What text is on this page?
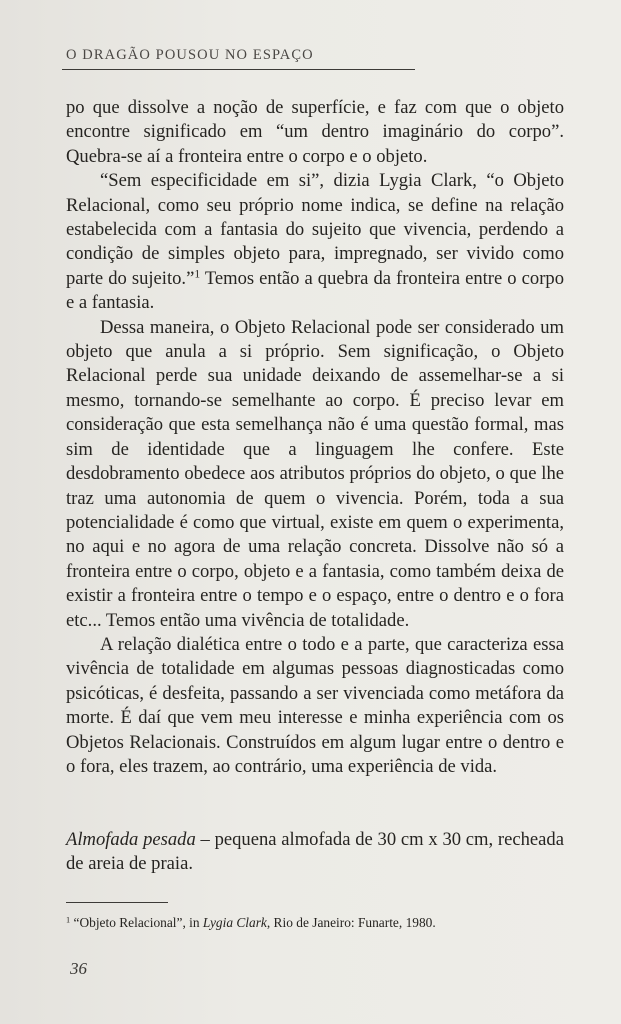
O DRAGÃO POUSOU NO ESPAÇO

po que dissolve a noção de superfície, e faz com que o objeto encontre significado em “um dentro imaginário do corpo”. Quebra-se aí a fronteira entre o corpo e o objeto.

“Sem especificidade em si”, dizia Lygia Clark, “o Objeto Relacional, como seu próprio nome indica, se define na relação estabelecida com a fantasia do sujeito que vivencia, perdendo a condição de simples objeto para, impregnado, ser vivido como parte do sujeito.”$^1$ Temos então a quebra da fronteira entre o corpo e a fantasia.

Dessa maneira, o Objeto Relacional pode ser considerado um objeto que anula a si próprio. Sem significação, o Objeto Relacional perde sua unidade deixando de assemelhar-se a si mesmo, tornando-se semelhante ao corpo. É preciso levar em consideração que esta semelhança não é uma questão formal, mas sim de identidade que a linguagem lhe confere. Este desdobramento obedece aos atributos próprios do objeto, o que lhe traz uma autonomia de quem o vivencia. Porém, toda a sua potencialidade é como que virtual, existe em quem o experimenta, no aqui e no agora de uma relação concreta. Dissolve não só a fronteira entre o corpo, objeto e a fantasia, como também deixa de existir a fronteira entre o tempo e o espaço, entre o dentro e o fora etc... Temos então uma vivência de totalidade.

A relação dialética entre o todo e a parte, que caracteriza essa vivência de totalidade em algumas pessoas diagnosticadas como psicóticas, é desfeita, passando a ser vivenciada como metáfora da morte. É daí que vem meu interesse e minha experiência com os Objetos Relacionais. Construídos em algum lugar entre o dentro e o fora, eles trazem, ao contrário, uma experiência de vida.

Almofada pesada – pequena almofada de 30 cm x 30 cm, recheada de areia de praia.
$^1$ “Objeto Relacional”, in Lygia Clark, Rio de Janeiro: Funarte, 1980.
36
